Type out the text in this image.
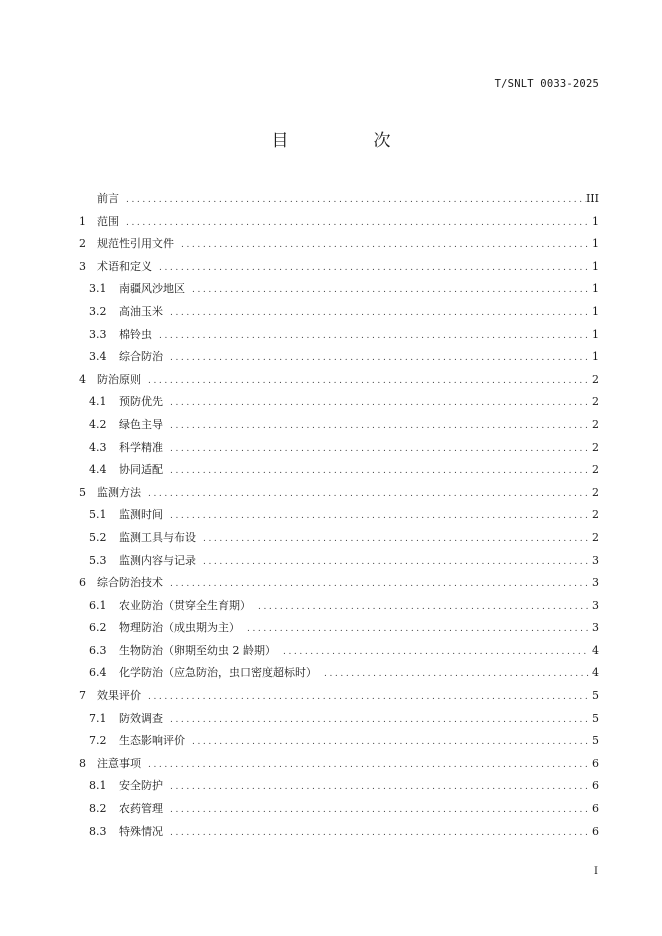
T/SNLT 0033-2025
目　次
前言 .....	III
1	范围 .....	1
2	规范性引用文件 .....	1
3	术语和定义 .....	1
3.1	南疆风沙地区 .....	1
3.2	高油玉米 .....	1
3.3	棉铃虫 .....	1
3.4	综合防治 .....	1
4	防治原则 .....	2
4.1	预防优先 .....	2
4.2	绿色主导 .....	2
4.3	科学精准 .....	2
4.4	协同适配 .....	2
5	监测方法 .....	2
5.1	监测时间 .....	2
5.2	监测工具与布设 .....	2
5.3	监测内容与记录 .....	3
6	综合防治技术 .....	3
6.1	农业防治（贯穿全生育期） .....	3
6.2	物理防治（成虫期为主） .....	3
6.3	生物防治（卵期至幼虫 2 龄期） .....	4
6.4	化学防治（应急防治，虫口密度超标时） .....	4
7	效果评价 .....	5
7.1	防效调查 .....	5
7.2	生态影响评价 .....	5
8	注意事项 .....	6
8.1	安全防护 .....	6
8.2	农药管理 .....	6
8.3	特殊情况 .....	6
I
